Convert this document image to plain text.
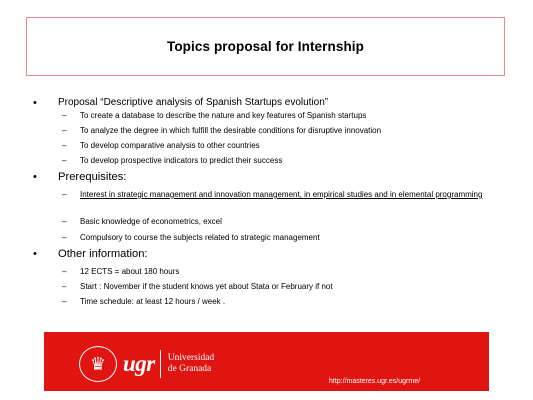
Topics proposal for Internship
• Proposal “Descriptive analysis of Spanish Startups evolution”
– To create a database to describe the nature and key features of Spanish startups
– To analyze the degree in which fulfill the desirable conditions for disruptive innovation
– To develop comparative analysis to other countries
– To develop prospective indicators to predict their success
• Prerequisites:
– Interest in strategic management and innovation management, in empirical studies and in elemental programming
– Basic knowledge of econometrics, excel
– Compulsory to course the subjects related to strategic management
• Other information:
– 12 ECTS = about 180 hours
– Start : November if the student knows yet about Stata or February if not
– Time schedule: at least 12 hours / week .
♛ ugr Universidad
de Granada
http://masteres.ugr.es/ugrme/
